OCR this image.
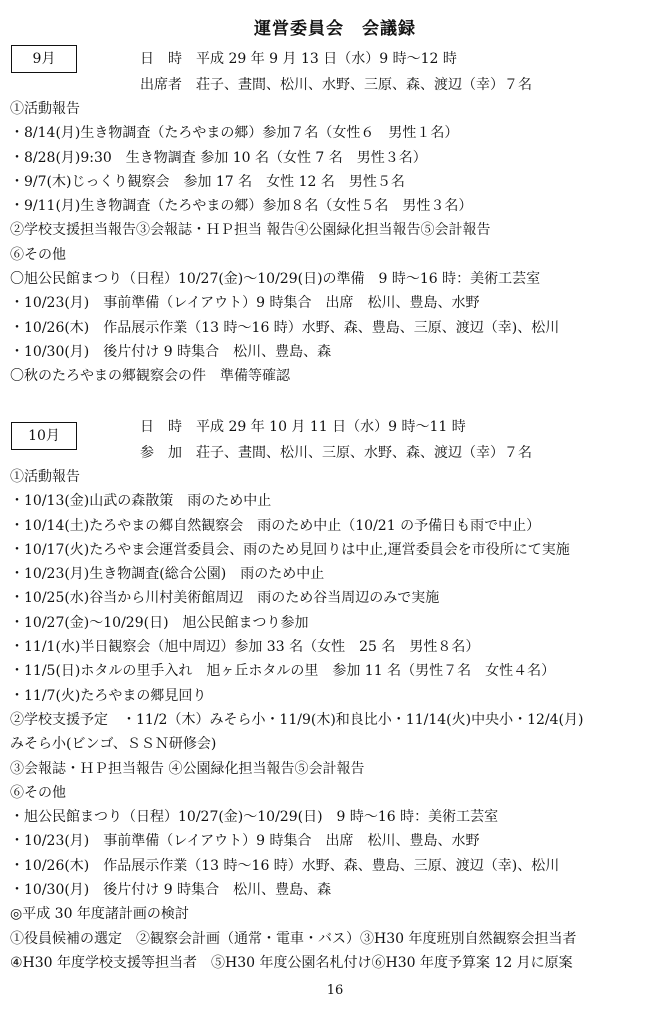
運営委員会　会議録
9月	日　時　平成 29 年 9 月 13 日（水）9 時〜12 時
出席者　荘子、晝間、松川、水野、三原、森、渡辺（幸）７名
①活動報告
・8/14(月)生き物調査（たろやまの郷）参加７名（女性６　男性１名）
・8/28(月)9:30　生き物調査 参加 10 名（女性 7 名　男性３名）
・9/7(木)じっくり観察会　参加 17 名　女性 12 名　男性５名
・9/11(月)生き物調査（たろやまの郷）参加８名（女性５名　男性３名）
②学校支援担当報告③会報誌・ＨＰ担当 報告④公園緑化担当報告⑤会計報告
⑥その他
〇旭公民館まつり（日程）10/27(金)〜10/29(日)の準備　9 時〜16 時：美術工芸室
・10/23(月)　事前準備（レイアウト）9 時集合　出席　松川、豊島、水野
・10/26(木)　作品展示作業（13 時〜16 時）水野、森、豊島、三原、渡辺（幸)、松川
・10/30(月)　後片付け 9 時集合　松川、豊島、森
〇秋のたろやまの郷観察会の件　準備等確認
10月
日　時　平成 29 年 10 月 11 日（水）9 時〜11 時
参　加　荘子、晝間、松川、三原、水野、森、渡辺（幸）７名
①活動報告
・10/13(金)山武の森散策　雨のため中止
・10/14(土)たろやまの郷自然観察会　雨のため中止（10/21 の予備日も雨で中止）
・10/17(火)たろやま会運営委員会、雨のため見回りは中止,運営委員会を市役所にて実施
・10/23(月)生き物調査(総合公園)　雨のため中止
・10/25(水)谷当から川村美術館周辺　雨のため谷当周辺のみで実施
・10/27(金)〜10/29(日)　旭公民館まつり参加
・11/1(水)半日観察会（旭中周辺）参加 33 名（女性　25 名　男性８名）
・11/5(日)ホタルの里手入れ　旭ヶ丘ホタルの里　参加 11 名（男性７名　女性４名）
・11/7(火)たろやまの郷見回り
②学校支援予定　・11/2（木）みそら小・11/9(木)和良比小・11/14(火)中央小・12/4(月)
みそら小(ビンゴ、ＳＳＮ研修会)
③会報誌・ＨＰ担当報告 ④公園緑化担当報告⑤会計報告
⑥その他
・旭公民館まつり（日程）10/27(金)〜10/29(日)　9 時〜16 時：美術工芸室
・10/23(月)　事前準備（レイアウト）9 時集合　出席　松川、豊島、水野
・10/26(木)　作品展示作業（13 時〜16 時）水野、森、豊島、三原、渡辺（幸)、松川
・10/30(月)　後片付け 9 時集合　松川、豊島、森
◎平成 30 年度諸計画の検討
①役員候補の選定　②観察会計画（通常・電車・バス）③H30 年度班別自然観察会担当者
④H30 年度学校支援等担当者　⑤H30 年度公園名札付け⑥H30 年度予算案 12 月に原案
16
